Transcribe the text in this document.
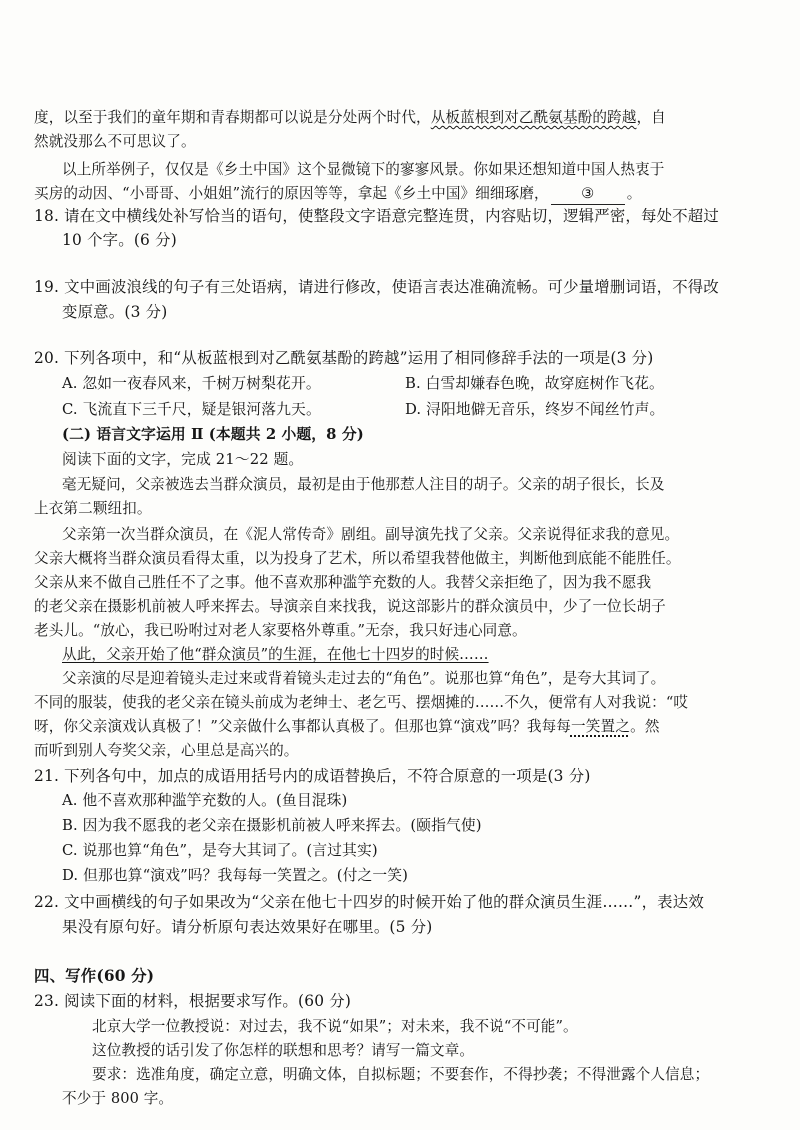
度，以至于我们的童年期和青春期都可以说是分处两个时代，从板蓝根到对乙酰氨基酚的跨越，自
然就没那么不可思议了。
以上所举例子，仅仅是《乡土中国》这个显微镜下的寥寥风景。你如果还想知道中国人热衷于
买房的动因、“小哥哥、小姐姐”流行的原因等等，拿起《乡土中国》细细琢磨， ③ 。
18. 请在文中横线处补写恰当的语句，使整段文字语意完整连贯，内容贴切，逻辑严密，每处不超过
10 个字。(6 分)
19. 文中画波浪线的句子有三处语病，请进行修改，使语言表达准确流畅。可少量增删词语，不得改
变原意。(3 分)
20. 下列各项中，和“从板蓝根到对乙酰氨基酚的跨越”运用了相同修辞手法的一项是(3 分)
A. 忽如一夜春风来，千树万树梨花开。	B. 白雪却嫌春色晚，故穿庭树作飞花。
C. 飞流直下三千尺，疑是银河落九天。	D. 浔阳地僻无音乐，终岁不闻丝竹声。
(二) 语言文字运用 Ⅱ (本题共 2 小题，8 分)
阅读下面的文字，完成 21～22 题。
毫无疑问，父亲被选去当群众演员，最初是由于他那惹人注目的胡子。父亲的胡子很长，长及
上衣第二颗纽扣。
父亲第一次当群众演员，在《泥人常传奇》剧组。副导演先找了父亲。父亲说得征求我的意见。
父亲大概将当群众演员看得太重，以为投身了艺术，所以希望我替他做主，判断他到底能不能胜任。
父亲从来不做自己胜任不了之事。他不喜欢那种滥竽充数的人。我替父亲拒绝了，因为我不愿我
的老父亲在摄影机前被人呼来挥去。导演亲自来找我，说这部影片的群众演员中，少了一位长胡子
老头儿。“放心，我已吩咐过对老人家要格外尊重。”无奈，我只好违心同意。
从此，父亲开始了他“群众演员”的生涯，在他七十四岁的时候……
父亲演的尽是迎着镜头走过来或背着镜头走过去的“角色”。说那也算“角色”，是夸大其词了。
不同的服装，使我的老父亲在镜头前成为老绅士、老乞丐、摆烟摊的……不久，便常有人对我说：“哎
呀，你父亲演戏认真极了！”父亲做什么事都认真极了。但那也算“演戏”吗？我每每一笑置之。然
而听到别人夸奖父亲，心里总是高兴的。
21. 下列各句中，加点的成语用括号内的成语替换后，不符合原意的一项是(3 分)
A. 他不喜欢那种滥竽充数的人。(鱼目混珠)
B. 因为我不愿我的老父亲在摄影机前被人呼来挥去。(颐指气使)
C. 说那也算“角色”，是夸大其词了。(言过其实)
D. 但那也算“演戏”吗？我每每一笑置之。(付之一笑)
22. 文中画横线的句子如果改为“父亲在他七十四岁的时候开始了他的群众演员生涯……”，表达效
果没有原句好。请分析原句表达效果好在哪里。(5 分)
四、写作(60 分)
23. 阅读下面的材料，根据要求写作。(60 分)
北京大学一位教授说：对过去，我不说“如果”；对未来，我不说“不可能”。
这位教授的话引发了你怎样的联想和思考？请写一篇文章。
要求：选准角度，确定立意，明确文体，自拟标题；不要套作，不得抄袭；不得泄露个人信息；
不少于 800 字。
